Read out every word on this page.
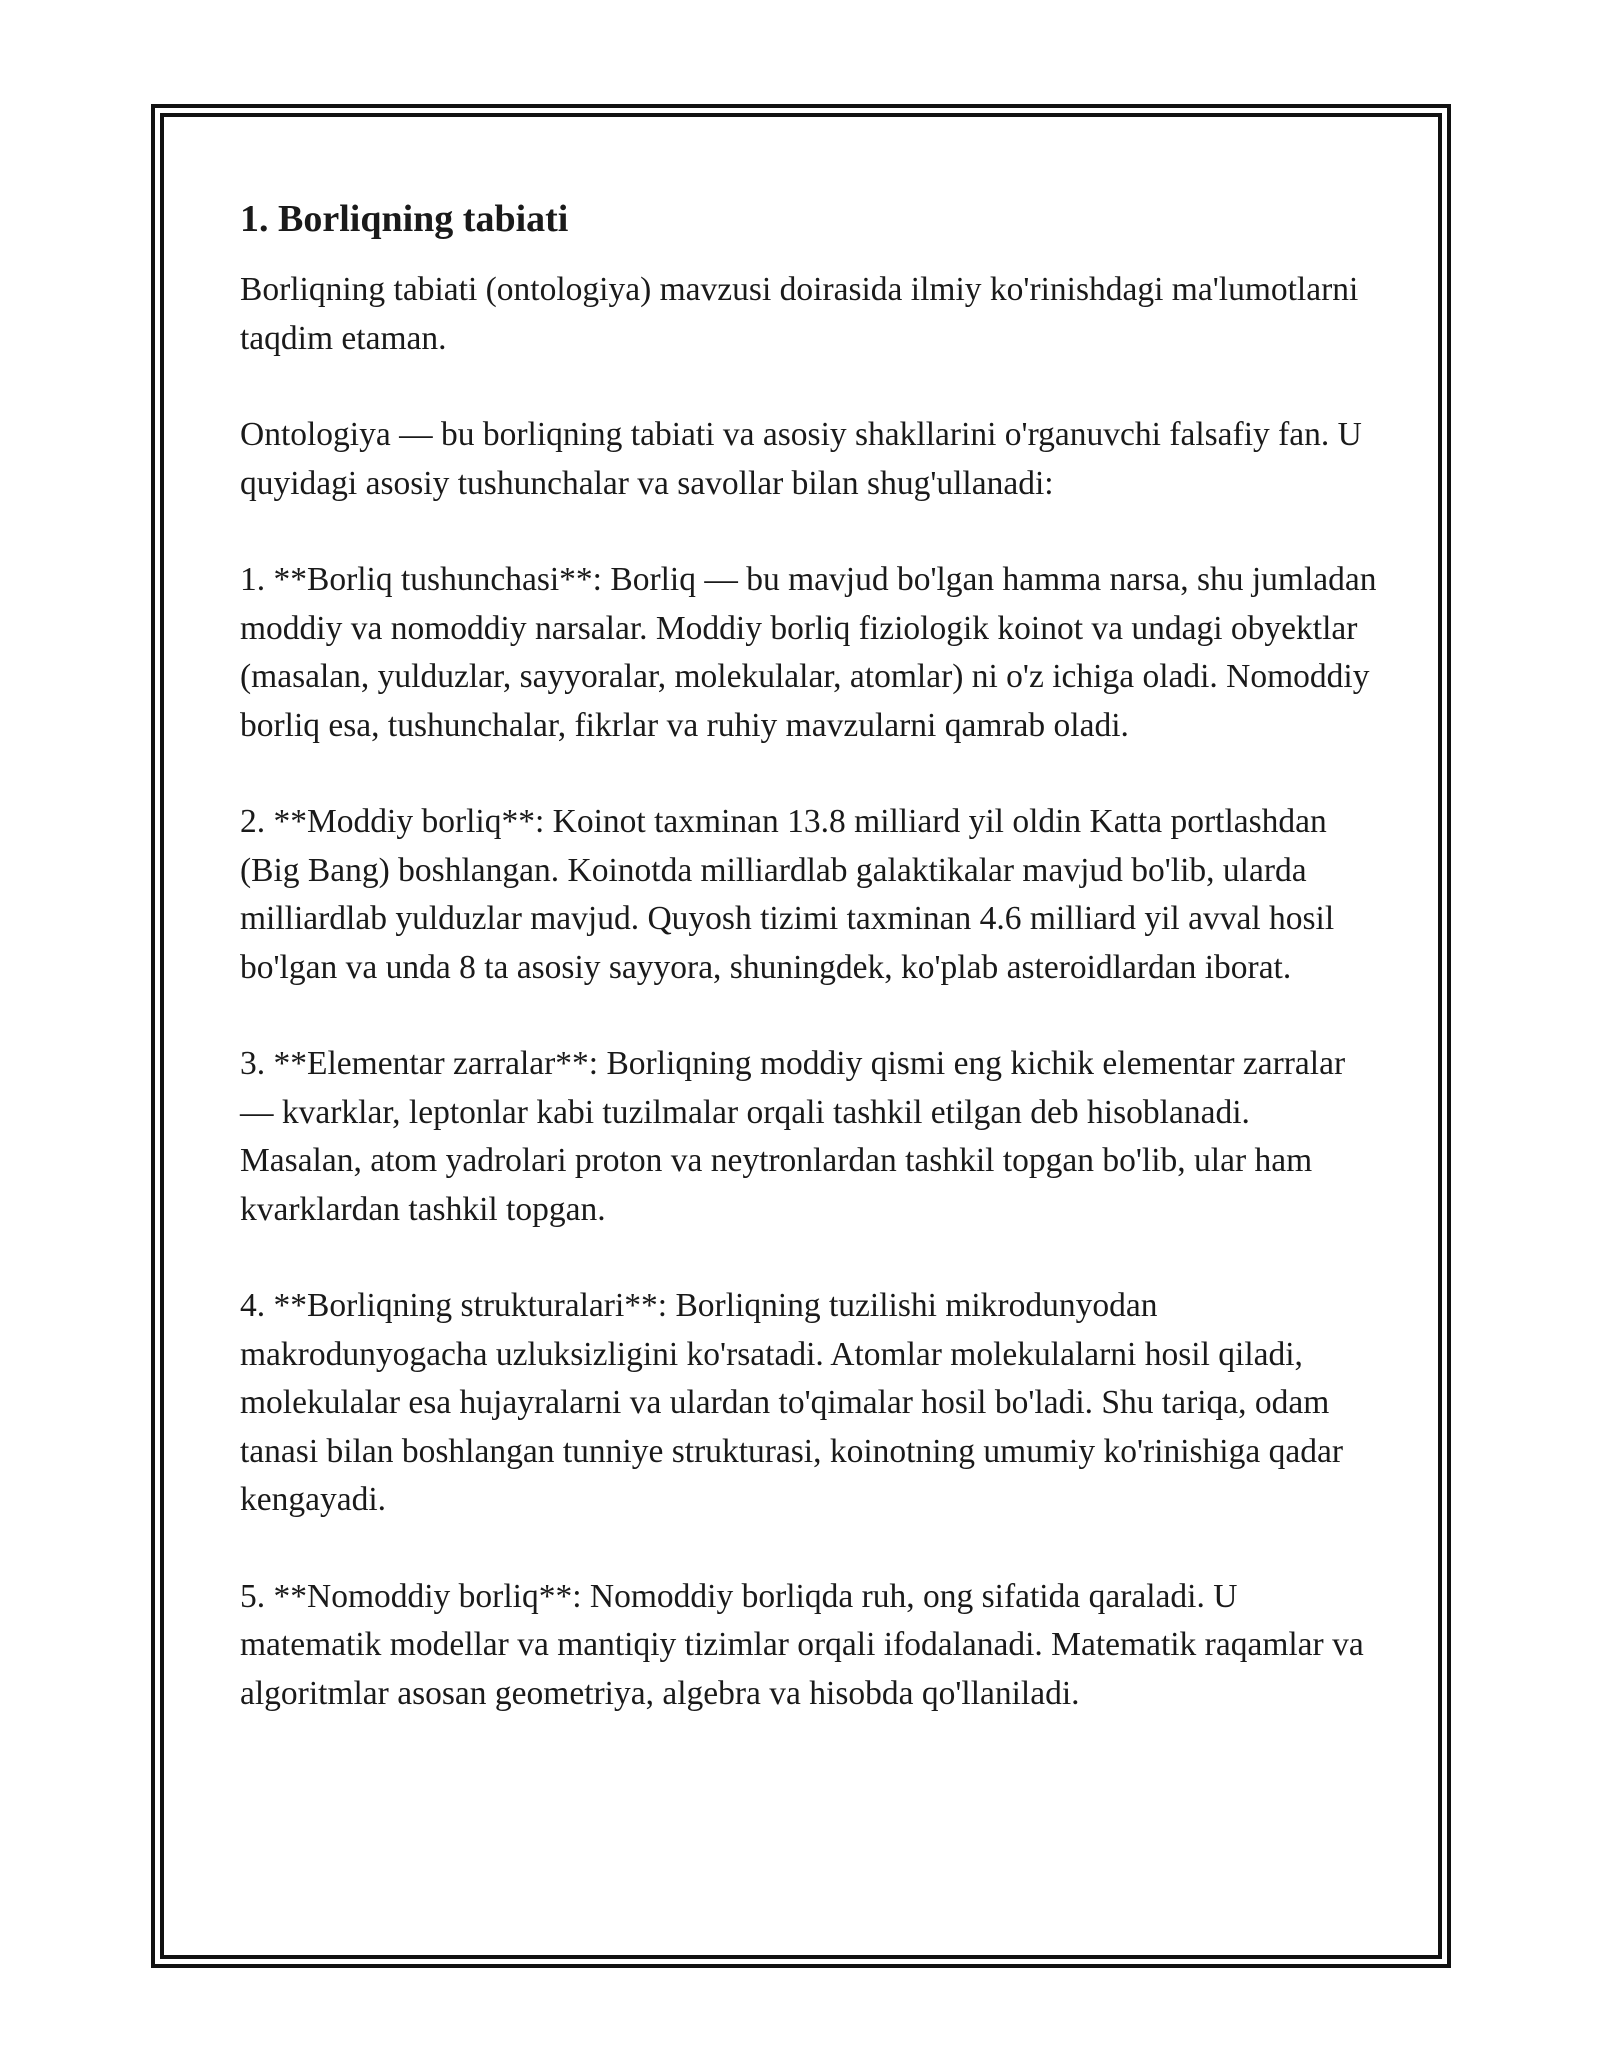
1. Borliqning tabiati

Borliqning tabiati (ontologiya) mavzusi doirasida ilmiy ko'rinishdagi ma'lumotlarni taqdim etaman.

Ontologiya — bu borliqning tabiati va asosiy shakllarini o'rganuvchi falsafiy fan. U quyidagi asosiy tushunchalar va savollar bilan shug'ullanadi:

1. **Borliq tushunchasi**: Borliq — bu mavjud bo'lgan hamma narsa, shu jumladan moddiy va nomoddiy narsalar. Moddiy borliq fiziologik koinot va undagi obyektlar (masalan, yulduzlar, sayyoralar, molekulalar, atomlar) ni o'z ichiga oladi. Nomoddiy borliq esa, tushunchalar, fikrlar va ruhiy mavzularni qamrab oladi.

2. **Moddiy borliq**: Koinot taxminan 13.8 milliard yil oldin Katta portlashdan (Big Bang) boshlangan. Koinotda milliardlab galaktikalar mavjud bo'lib, ularda milliardlab yulduzlar mavjud. Quyosh tizimi taxminan 4.6 milliard yil avval hosil bo'lgan va unda 8 ta asosiy sayyora, shuningdek, ko'plab asteroidlardan iborat.

3. **Elementar zarralar**: Borliqning moddiy qismi eng kichik elementar zarralar — kvarklar, leptonlar kabi tuzilmalar orqali tashkil etilgan deb hisoblanadi. Masalan, atom yadrolari proton va neytronlardan tashkil topgan bo'lib, ular ham kvarklardan tashkil topgan.

4. **Borliqning strukturalari**: Borliqning tuzilishi mikrodunyodan makrodunyogacha uzluksizligini ko'rsatadi. Atomlar molekulalarni hosil qiladi, molekulalar esa hujayralarni va ulardan to'qimalar hosil bo'ladi. Shu tariqa, odam tanasi bilan boshlangan tunniye strukturasi, koinotning umumiy ko'rinishiga qadar kengayadi.

5. **Nomoddiy borliq**: Nomoddiy borliqda ruh, ong sifatida qaraladi. U matematik modellar va mantiqiy tizimlar orqali ifodalanadi. Matematik raqamlar va algoritmlar asosan geometriya, algebra va hisobda qo'llaniladi.
